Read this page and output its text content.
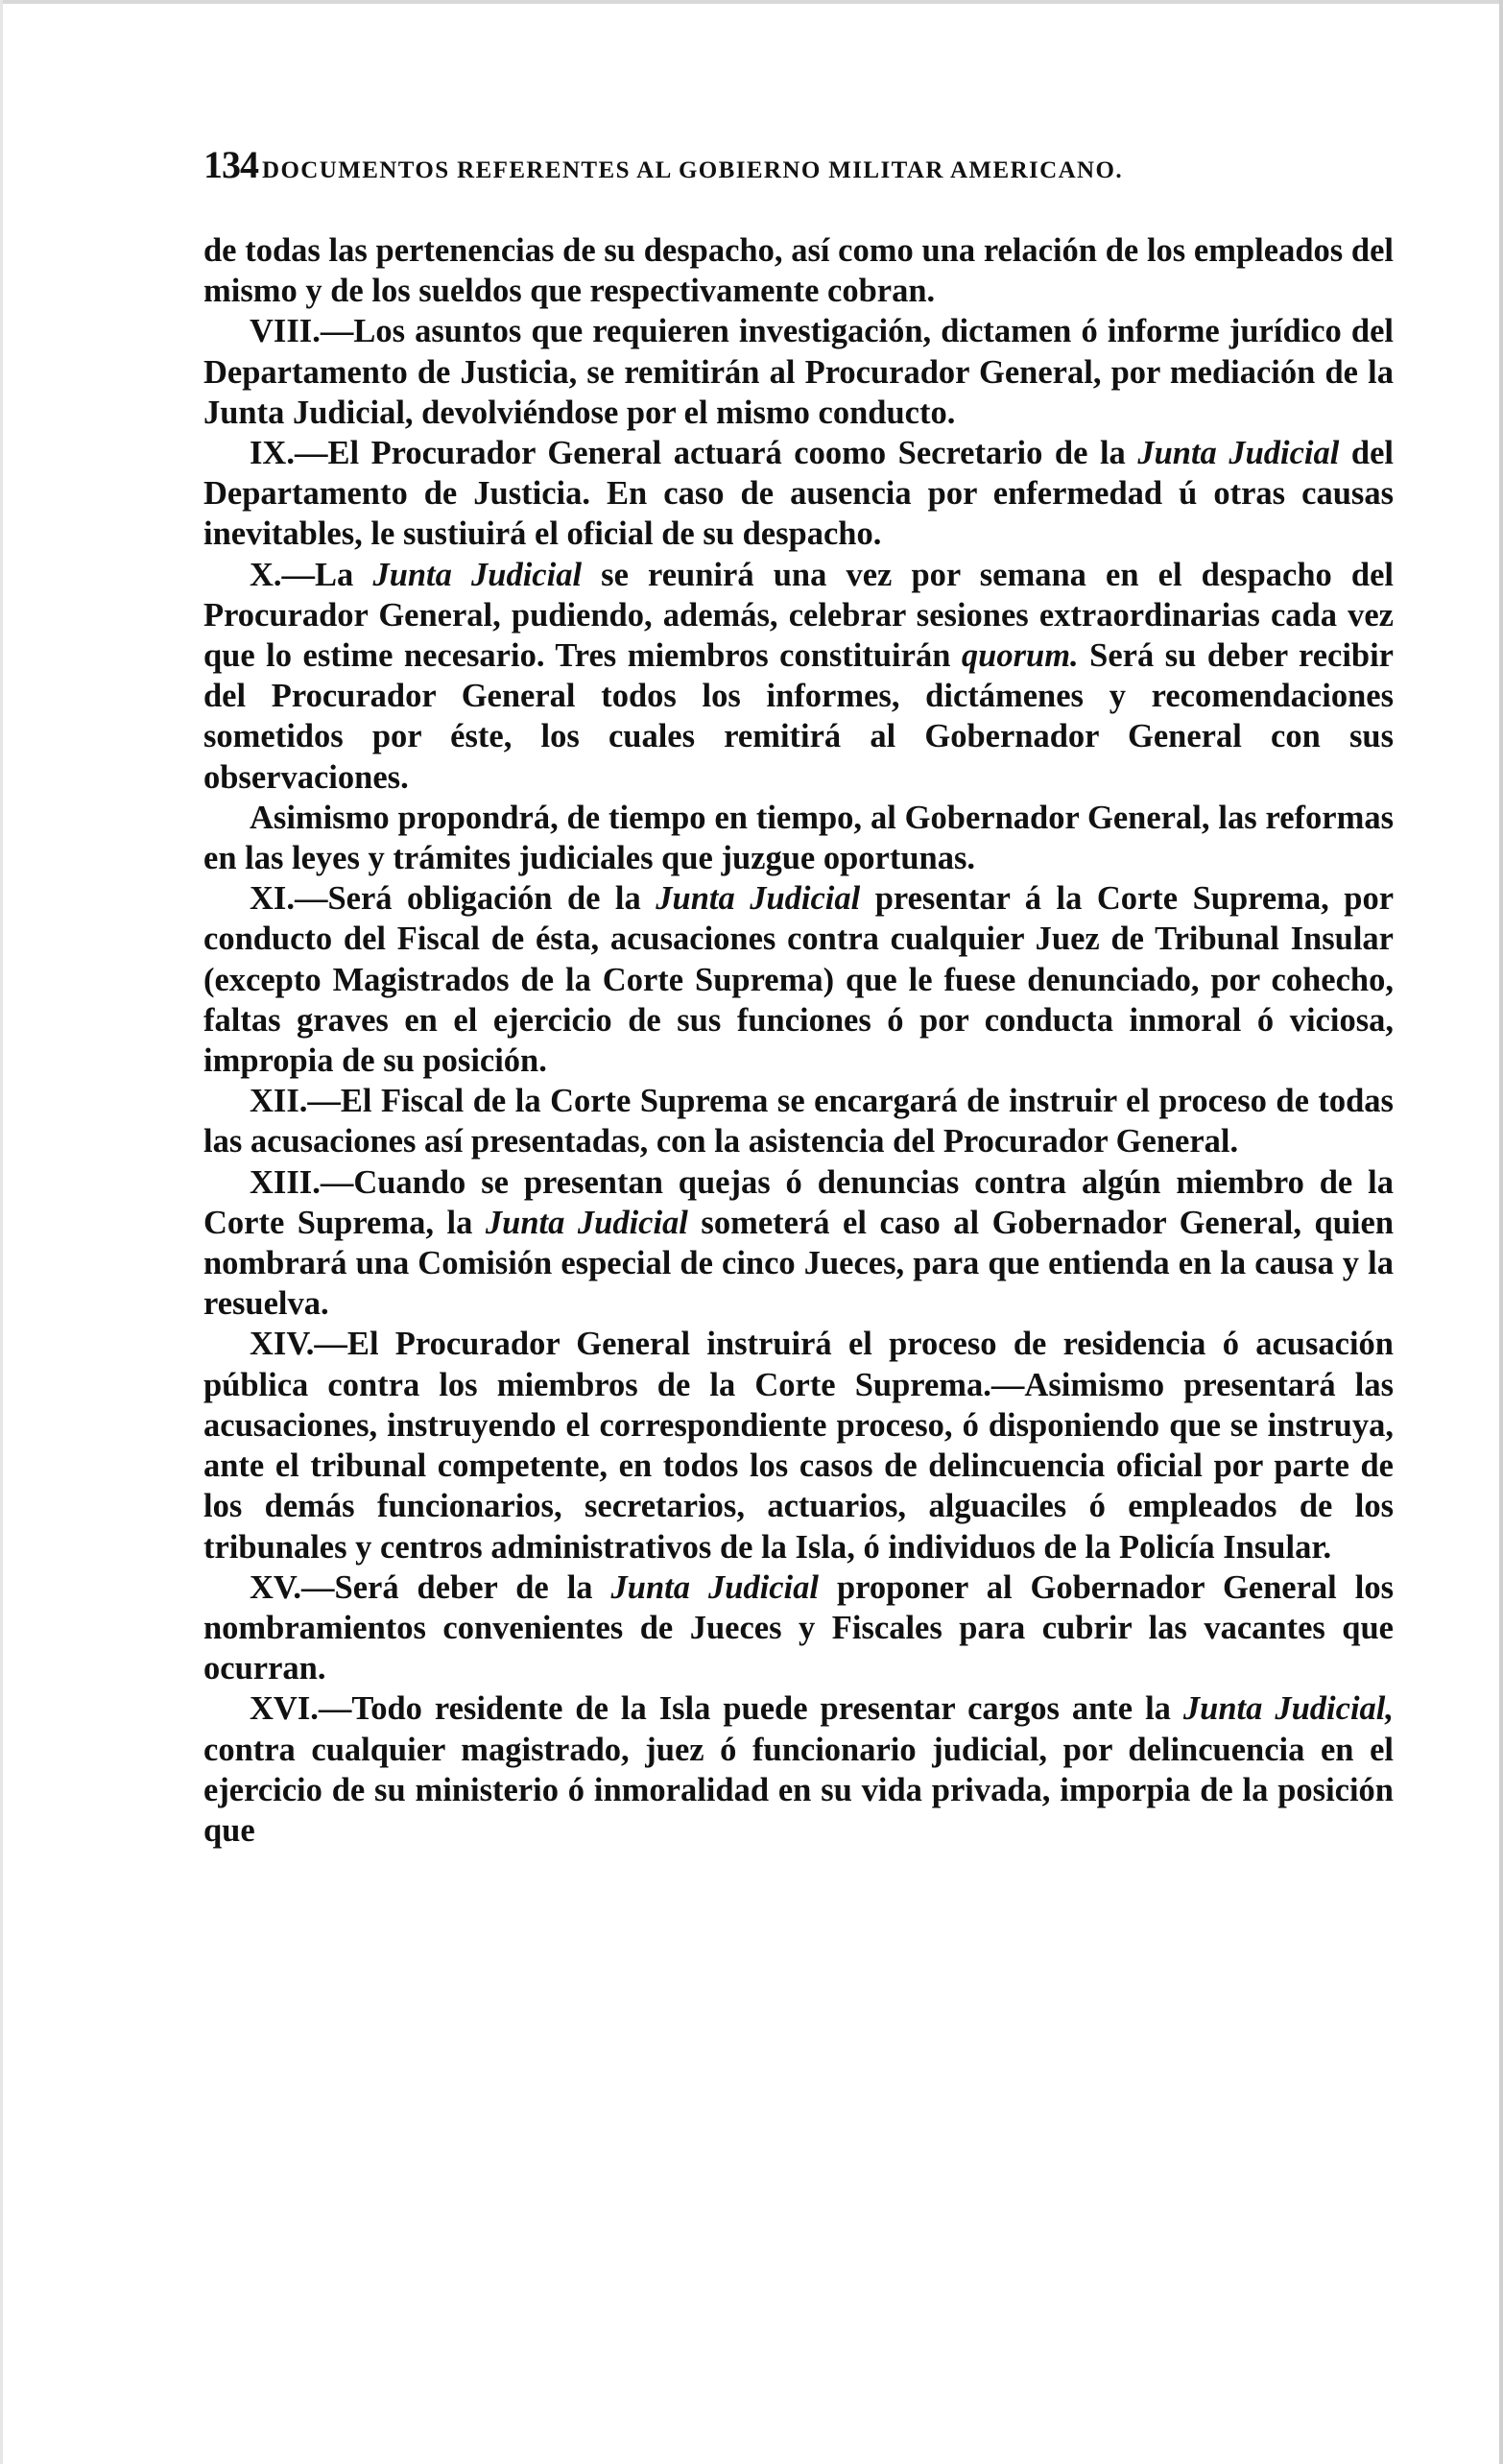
134 DOCUMENTOS REFERENTES AL GOBIERNO MILITAR AMERICANO.

de todas las pertenencias de su despacho, así como una relación de los empleados del mismo y de los sueldos que respectivamente cobran.

VIII.—Los asuntos que requieren investigación, dictamen ó informe jurídico del Departamento de Justicia, se remitirán al Procurador General, por mediación de la Junta Judicial, devolviéndose por el mismo conducto.

IX.—El Procurador General actuará coomo Secretario de la Junta Judicial del Departamento de Justicia. En caso de ausencia por enfermedad ú otras causas inevitables, le sustiuirá el oficial de su despacho.

X.—La Junta Judicial se reunirá una vez por semana en el despacho del Procurador General, pudiendo, además, celebrar sesiones extraordinarias cada vez que lo estime necesario. Tres miembros constituirán quorum. Será su deber recibir del Procurador General todos los informes, dictámenes y recomendaciones sometidos por éste, los cuales remitirá al Gobernador General con sus observaciones.

Asimismo propondrá, de tiempo en tiempo, al Gobernador General, las reformas en las leyes y trámites judiciales que juzgue oportunas.

XI.—Será obligación de la Junta Judicial presentar á la Corte Suprema, por conducto del Fiscal de ésta, acusaciones contra cualquier Juez de Tribunal Insular (excepto Magistrados de la Corte Suprema) que le fuese denunciado, por cohecho, faltas graves en el ejercicio de sus funciones ó por conducta inmoral ó viciosa, impropia de su posición.

XII.—El Fiscal de la Corte Suprema se encargará de instruir el proceso de todas las acusaciones así presentadas, con la asistencia del Procurador General.

XIII.—Cuando se presentan quejas ó denuncias contra algún miembro de la Corte Suprema, la Junta Judicial someterá el caso al Gobernador General, quien nombrará una Comisión especial de cinco Jueces, para que entienda en la causa y la resuelva.

XIV.—El Procurador General instruirá el proceso de residencia ó acusación pública contra los miembros de la Corte Suprema.—Asimismo presentará las acusaciones, instruyendo el correspondiente proceso, ó disponiendo que se instruya, ante el tribunal competente, en todos los casos de delincuencia oficial por parte de los demás funcionarios, secretarios, actuarios, alguaciles ó empleados de los tribunales y centros administrativos de la Isla, ó individuos de la Policía Insular.

XV.—Será deber de la Junta Judicial proponer al Gobernador General los nombramientos convenientes de Jueces y Fiscales para cubrir las vacantes que ocurran.

XVI.—Todo residente de la Isla puede presentar cargos ante la Junta Judicial, contra cualquier magistrado, juez ó funcionario judicial, por delincuencia en el ejercicio de su ministerio ó inmoralidad en su vida privada, imporpia de la posición que
